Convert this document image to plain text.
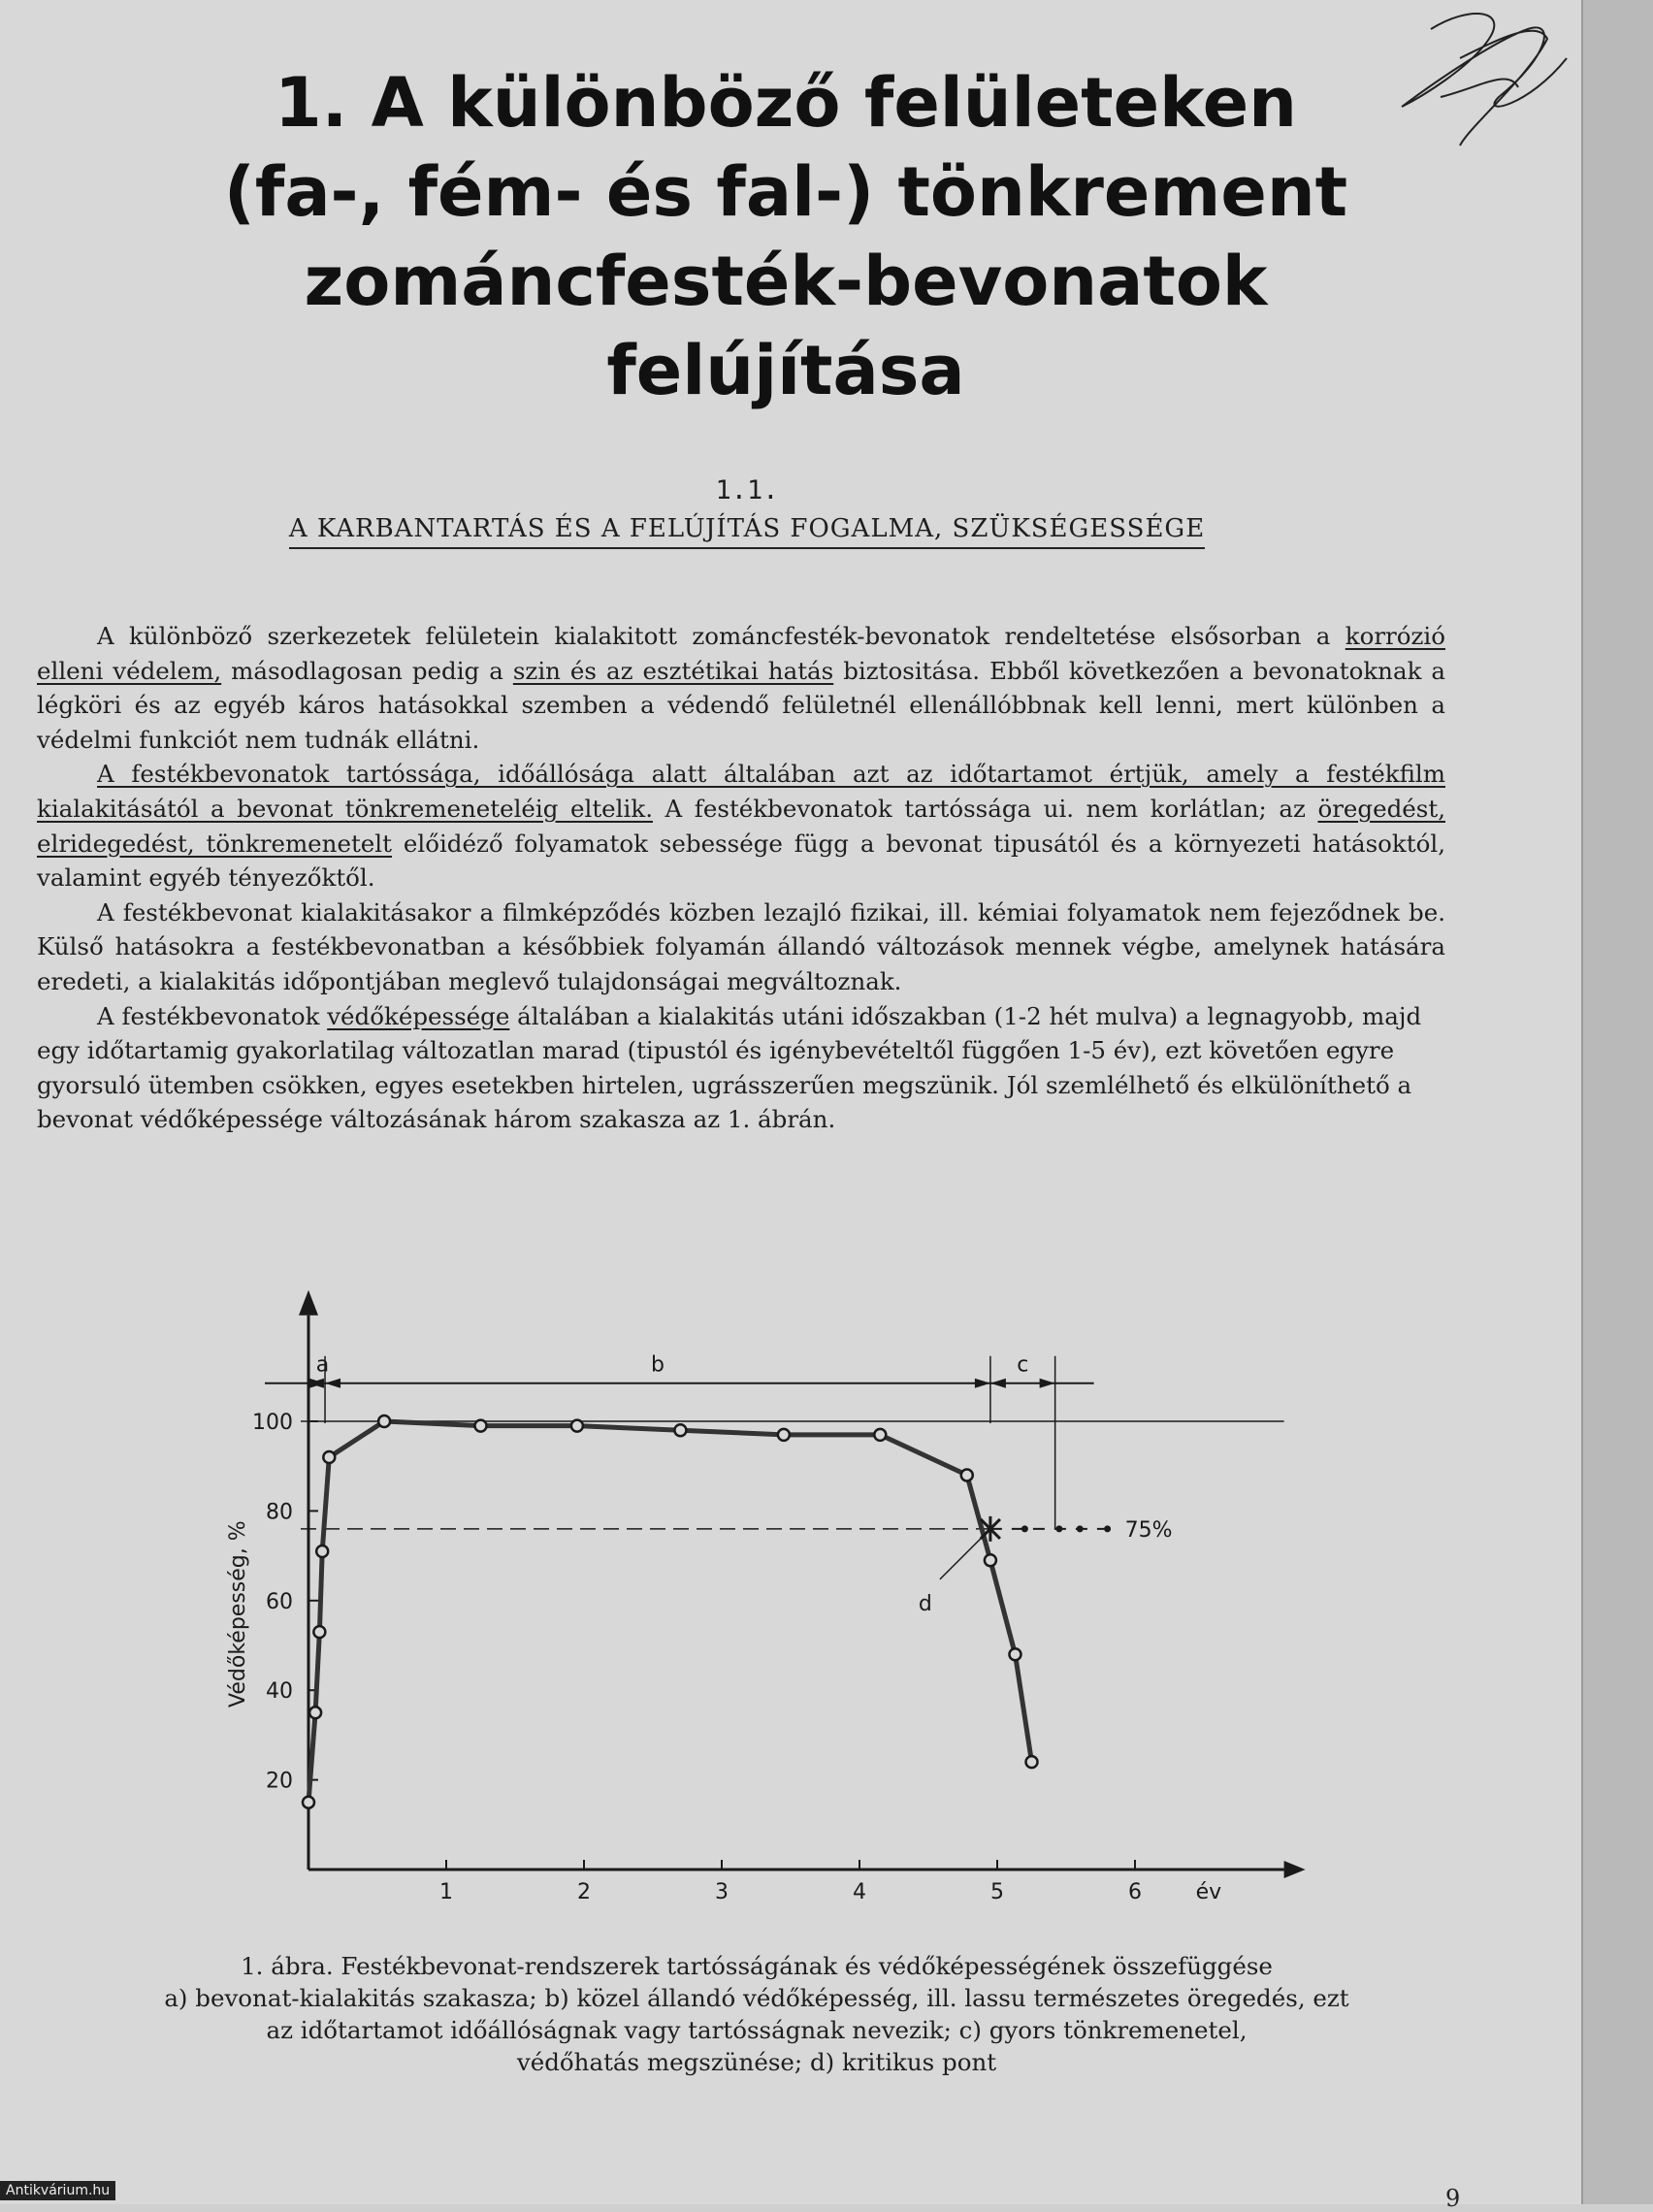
1. A különböző felületeken
(fa-, fém- és fal-) tönkrement
zománcfesték-bevonatok
felújítása
1.1.
A KARBANTARTÁS ÉS A FELÚJÍTÁS FOGALMA, SZÜKSÉGESSÉGE

A különböző szerkezetek felületein kialakitott zománcfesték-bevonatok rendeltetése elsősorban a korrózió elleni védelem, másodlagosan pedig a szin és az esztétikai hatás biztositása. Ebből következően a bevonatoknak a légköri és az egyéb káros hatásokkal szemben a védendő felületnél ellenállóbbnak kell lenni, mert különben a védelmi funkciót nem tudnák ellátni.

A festékbevonatok tartóssága, időállósága alatt általában azt az időtartamot értjük, amely a festékfilm kialakitásától a bevonat tönkremeneteléig eltelik. A festékbevonatok tartóssága ui. nem korlátlan; az öregedést, elridegedést, tönkremenetelt előidéző folyamatok sebessége függ a bevonat tipusától és a környezeti hatásoktól, valamint egyéb tényezőktől.

A festékbevonat kialakitásakor a filmképződés közben lezajló fizikai, ill. kémiai folyamatok nem fejeződnek be. Külső hatásokra a festékbevonatban a későbbiek folyamán állandó változások mennek végbe, amelynek hatására eredeti, a kialakitás időpontjában meglevő tulajdonságai megváltoznak.

A festékbevonatok védőképessége általában a kialakitás utáni időszakban (1-2 hét mulva) a legnagyobb, majd egy időtartamig gyakorlatilag változatlan marad (tipustól és igénybevételtől függően 1-5 év), ezt követően egyre gyorsuló ütemben csökken, egyes esetekben hirtelen, ugrásszerűen megszünik. Jól szemlélhető és elkülöníthető a bevonat védőképessége változásának három szakasza az 1. ábrán.

1	2	3	4	5	6	év
20
40
60
80
100
Védőképesség, %
a	b	c
75%
d
1. ábra. Festékbevonat-rendszerek tartósságának és védőképességének összefüggése
a) bevonat-kialakitás szakasza; b) közel állandó védőképesség, ill. lassu természetes öregedés, ezt
az időtartamot időállóságnak vagy tartósságnak nevezik; c) gyors tönkremenetel,
védőhatás megszünése; d) kritikus pont
Antikvárium.hu	9
